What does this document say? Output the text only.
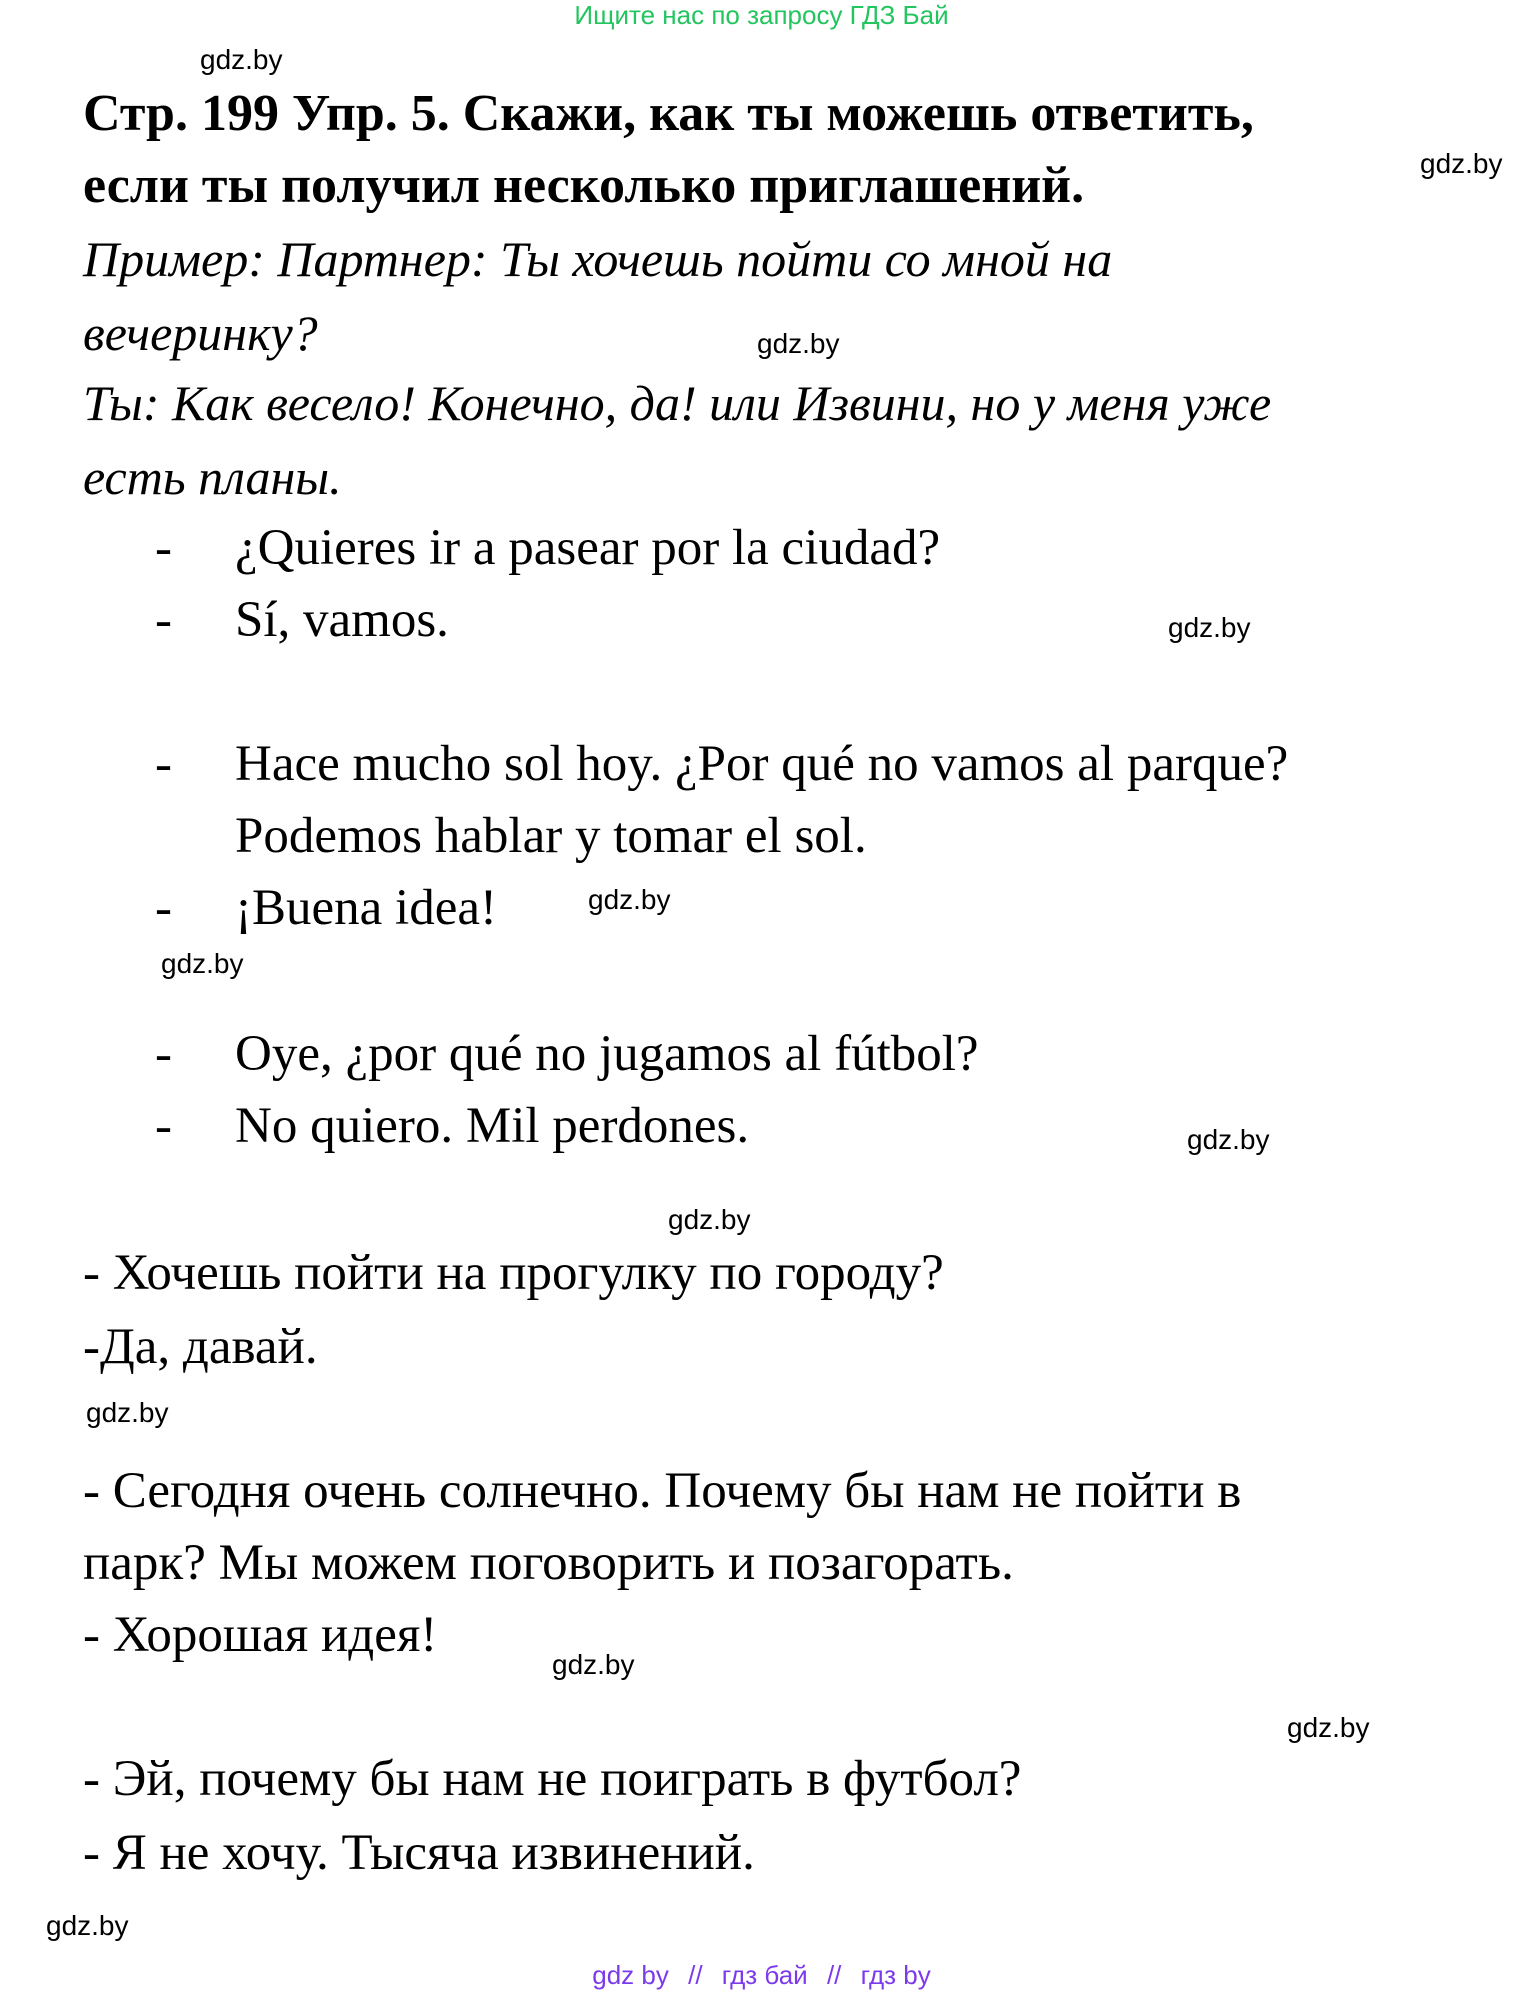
Ищите нас по запросу ГДЗ Бай
gdz.by
gdz.by
gdz.by
gdz.by
gdz.by
gdz.by
gdz.by
gdz.by
gdz.by
gdz.by
gdz.by
gdz.by
Стр. 199 Упр. 5. Скажи, как ты можешь ответить,
если ты получил несколько приглашений.
Пример: Партнер: Ты хочешь пойти со мной на
вечеринку?
Ты: Как весело! Конечно, да! или Извини, но у меня уже
есть планы.
- ¿Quieres ir a pasear por la ciudad?
- Sí, vamos.
- Hace mucho sol hoy. ¿Por qué no vamos al parque?
Podemos hablar y tomar el sol.
- ¡Buena idea!
- Oye, ¿por qué no jugamos al fútbol?
- No quiero. Mil perdones.
- Хочешь пойти на прогулку по городу?
-Да, давай.
- Сегодня очень солнечно. Почему бы нам не пойти в
парк? Мы можем поговорить и позагорать.
- Хорошая идея!
- Эй, почему бы нам не поиграть в футбол?
- Я не хочу. Тысяча извинений.
gdz by // гдз бай // гдз by
